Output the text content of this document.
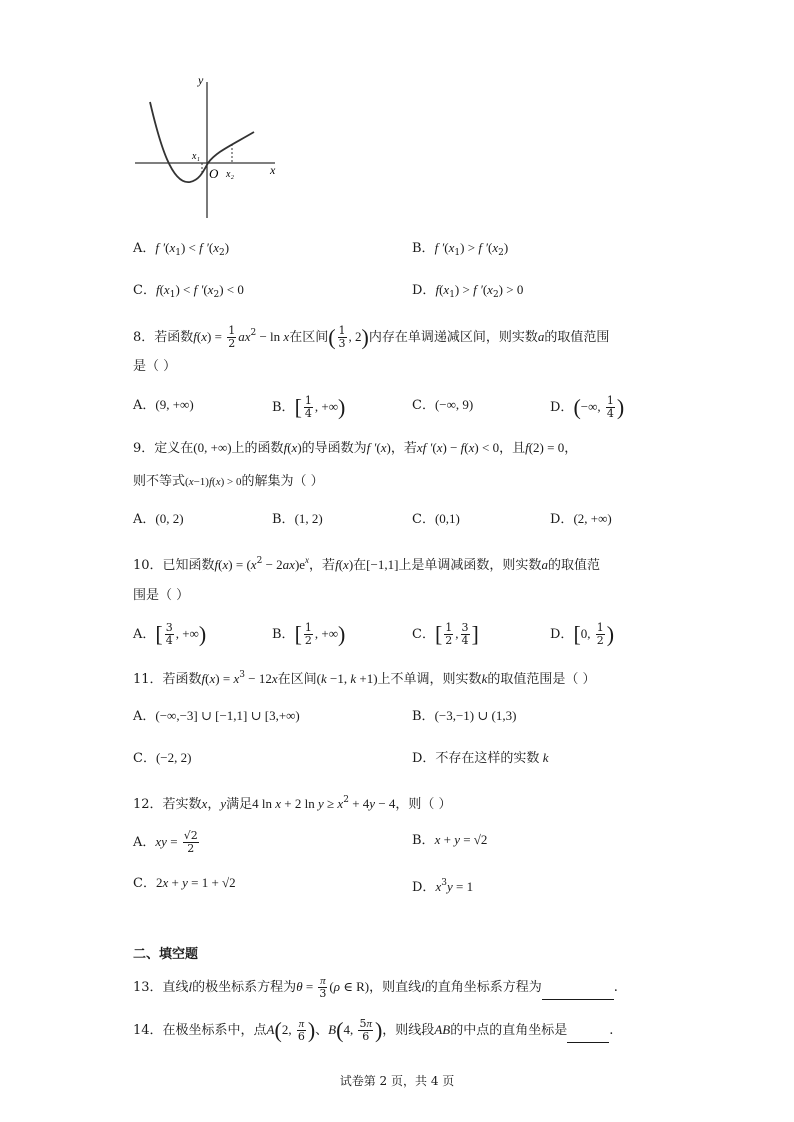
y
x
O
x₁
x₂
A．f $'(x_1) < f$ $'(x_2)$	B．f $'(x_1) > f$ $'(x_2)$
C．$f(x_1) < f$ $'(x_2) < 0$	D．$f(x_1) > f$ $'(x_2) > 0$
8．若函数$f(x) = \frac{1}{2} ax^2 - \ln x$在区间( $\frac{1}{3}$ , 2)内存在单调递减区间，则实数a的取值范围
是（ ）
A．(9, +∞)	B．[ $\frac{1}{4}$ , +∞)	C．(−∞, 9)	D．(−∞, $\frac{1}{4}$ )
9．定义在(0, +∞)上的函数f(x)的导函数为f ′(x)，若xf ′(x) − f(x) < 0，且f(2) = 0，
则不等式(x−1)f(x) > 0的解集为（ ）
A．(0, 2)	B．(1, 2)	C．(0,1)	D．(2, +∞)
10．已知函数$f(x) = (x^2 - 2ax)e^x$，若f(x)在[−1,1]上是单调减函数，则实数a的取值范
围是（ ）
A．[ $\frac{3}{4}$ , +∞)	B．[ $\frac{1}{2}$ , +∞)	C．[ $\frac{1}{2}$ , $\frac{3}{4}$ ]	D．[0, $\frac{1}{2}$ )
11．若函数$f(x) = x^3 - 12x$在区间(k −1, k +1)上不单调，则实数k的取值范围是（ ）
A．(−∞,−3] ∪ [−1,1] ∪ [3,+∞)	B．(−3,−1) ∪ (1,3)
C．(−2, 2)	D．不存在这样的实数 k
12．若实数x，y满足4 ln x + 2 $\ln y \ge x^2 + 4y - 4$，则（ ）
A．xy = $\frac{√2}{2}$	B．x + y = √2
C．2x + y = 1 + √2	D．$x^3y = 1$
二、填空题
13．直线l的极坐标系方程为$\theta = \frac{\pi}{3} (\rho$ ∈ R)，则直线l的直角坐标系方程为	.
14．在极坐标系中，点A(2, $\frac{\pi}{6}$ )、B(4, $\frac{5\pi}{6}$ )，则线段AB的中点的直角坐标是	.
试卷第 2 页，共 4 页
